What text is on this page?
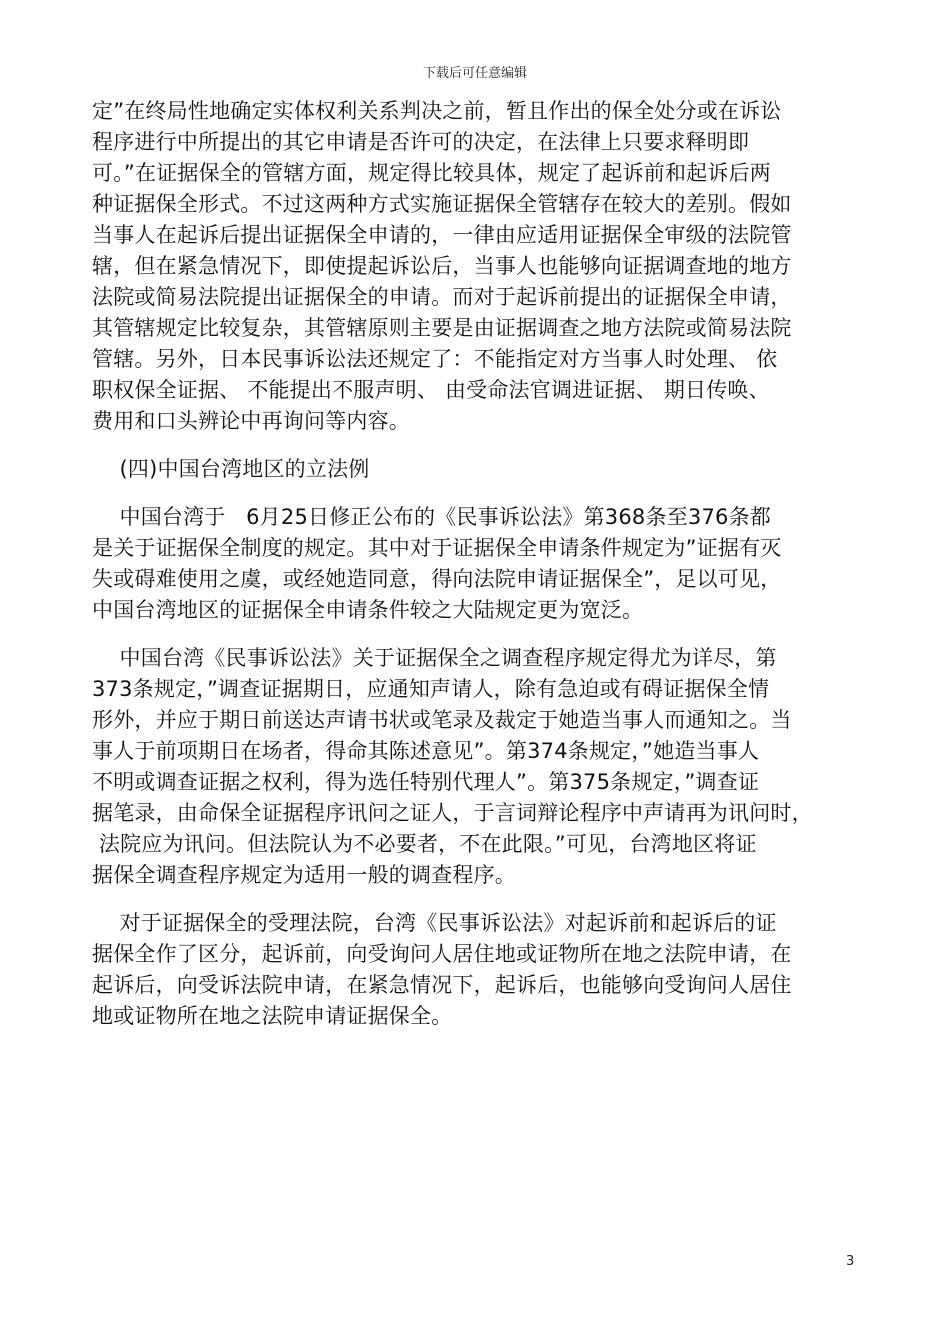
下载后可任意编辑
定”在终局性地确定实体权利关系判决之前，暂且作出的保全处分或在诉讼
程序进行中所提出的其它申请是否许可的决定，在法律上只要求释明即
可。”在证据保全的管辖方面，规定得比较具体，规定了起诉前和起诉后两
种证据保全形式。不过这两种方式实施证据保全管辖存在较大的差别。假如
当事人在起诉后提出证据保全申请的，一律由应适用证据保全审级的法院管
辖，但在紧急情况下，即使提起诉讼后，当事人也能够向证据调查地的地方
法院或简易法院提出证据保全的申请。而对于起诉前提出的证据保全申请，
其管辖规定比较复杂，其管辖原则主要是由证据调查之地方法院或简易法院
管辖。另外，日本民事诉讼法还规定了：不能指定对方当事人时处理、 依
职权保全证据、 不能提出不服声明、 由受命法官调进证据、 期日传唤、
费用和口头辨论中再询问等内容。
(四)中国台湾地区的立法例
中国台湾于   6月25日修正公布的《民事诉讼法》第368条至376条都
是关于证据保全制度的规定。其中对于证据保全申请条件规定为”证据有灭
失或碍难使用之虞，或经她造同意，得向法院申请证据保全”，足以可见，
中国台湾地区的证据保全申请条件较之大陆规定更为宽泛。
中国台湾《民事诉讼法》关于证据保全之调查程序规定得尤为详尽，第
373条规定，”调查证据期日，应通知声请人，除有急迫或有碍证据保全情
形外，并应于期日前送达声请书状或笔录及裁定于她造当事人而通知之。当
事人于前项期日在场者，得命其陈述意见”。第374条规定，”她造当事人
不明或调查证据之权利，得为选任特别代理人”。第375条规定，”调查证
据笔录，由命保全证据程序讯问之证人，于言词辩论程序中声请再为讯问时，
法院应为讯问。但法院认为不必要者，不在此限。”可见，台湾地区将证
据保全调查程序规定为适用一般的调查程序。
对于证据保全的受理法院，台湾《民事诉讼法》对起诉前和起诉后的证
据保全作了区分，起诉前，向受询问人居住地或证物所在地之法院申请，在
起诉后，向受诉法院申请，在紧急情况下，起诉后，也能够向受询问人居住
地或证物所在地之法院申请证据保全。
3
